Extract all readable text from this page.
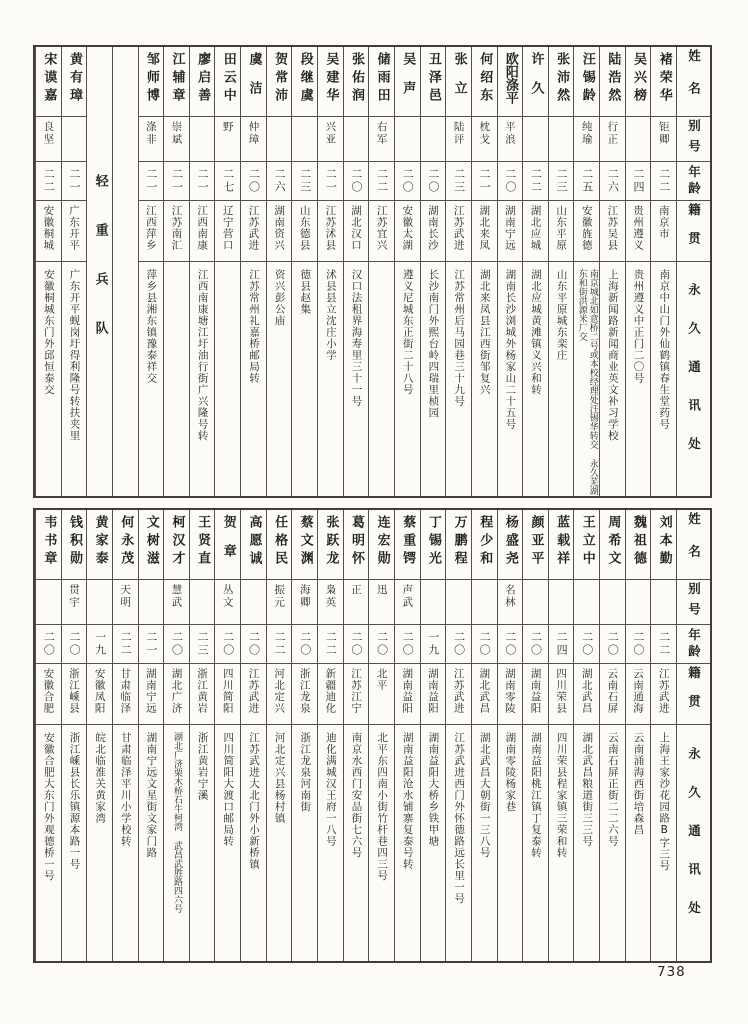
姓名
别号
年龄
籍贯
永久通讯处
褚荣华
钜卿
二二
南京市
南京中山门外仙鹤镇春生堂药号
吴兴榜
二四
贵州遵义
贵州遵义中正门二〇号
陆浩然
行正
二六
江苏吴县
上海新闻路新闻商业英文补习学校
汪锡龄
纯瑜
二五
安徽旌德
南京城北如意桥二号或本校经理处汪锡华转交 永久芜湖东和街洪源米厂交
张沛然
二三
山东平原
山东平原城东栾庄
许久
二二
湖北应城
湖北应城黄滩镇义兴和转
欧阳涤平
平浪
二〇
湖南宁远
湖南长沙浏城外杨家山二十五号
何绍东
枕戈
二一
湖北来凤
湖北来凤县江西街邹复兴
张立
陆评
二三
江苏武进
江苏常州后马园巷三十九号
丑泽邑
二〇
湖南长沙
长沙南门外熙台岭四瑞里桢园
吴声
二〇
安徽太湖
遵义尼城东正街二十八号
储雨田
右军
二二
江苏宜兴
张佑润
二〇
湖北汉口
汉口法租界海寿里三十一号
吴建华
兴亚
二一
江苏沭县
沭县县立沈庄小学
段继虞
二三
山东德县
德县赵集
贺常沛
二六
湖南资兴
资兴彭公庙
虞洁
仲璋
二〇
江苏武进
江苏常州礼嘉桥邮局转
田云中
野
二七
辽宁营口
廖启善
二一
江西南康
江西南康塘江圩油行街广兴隆号转
江辅章
崇斌
二一
江苏南汇
邹师博
涤非
二一
江西萍乡
萍乡县湘东镇豫泰祥交
轻重兵队
黄有璋
二一
广东开平
广东开平蚬岗圩得利隆号转扶夹里
宋谟嘉
良坚
二二
安徽桐城
安徽桐城东门外邱恒泰交
姓名
别号
年龄
籍贯
永久通讯处
刘本勤
二二
江苏武进
上海王家沙花园路B字三号
魏祖德
二〇
云南通海
云南涌海西街培森昌
周希文
二〇
云南石屏
云南石屏正街二二六号
王立中
二〇
湖北武昌
湖北武昌粮道街三三号
蓝载祥
二四
四川荣县
四川荣县程家镇三荣和转
颜亚平
二〇
湖南益阳
湖南益阳桃江镇丁复泰转
杨盛尧
名林
二〇
湖南零陵
湖南零陵杨家巷
程少和
二〇
湖北武昌
湖北武昌大朝街一三八号
万鹏程
二〇
江苏武进
江苏武进西门外怀德路远长里一号
丁锡光
一九
湖南益阳
湖南益阳大桥乡铁甲塘
蔡重锷
声武
二〇
湖南益阳
湖南益阳沧水铺寨复泰号转
连宏勋
迅
二〇
北平
北平东四南小街竹杆巷四三号
葛明怀
正
二〇
江苏江宁
南京水西门安品街七六号
张跃龙
枭英
二二
新疆迪化
迪化满城汉王府一八号
蔡文渊
海卿
二〇
浙江龙泉
浙江龙泉河南街
任格民
振元
二二
河北定兴
河北定兴县杨村镇
高愿诚
二〇
江苏武进
江苏武进大北门外小新桥镇
贺章
丛文
二〇
四川简阳
四川简阳大渡口邮局转
王贤直
二三
浙江黄岩
浙江黄岩宁溪
柯汉才
慧武
二〇
湖北广济
湖北广济栗木桥石牛柯湾 武昌武胜路四六号
文树滋
二一
湖南宁远
湖南宁远文星街文家门路
何永茂
天明
二二
甘肃临泽
甘肃临泽平川小学校转
黄家泰
一九
安徽凤阳
皖北临淮关黄家湾
钱积勋
贯宇
二〇
浙江嵊县
浙江嵊县长乐镇源本路一号
韦书章
二〇
安徽合肥
安徽合肥大东门外观德桥一号
738
